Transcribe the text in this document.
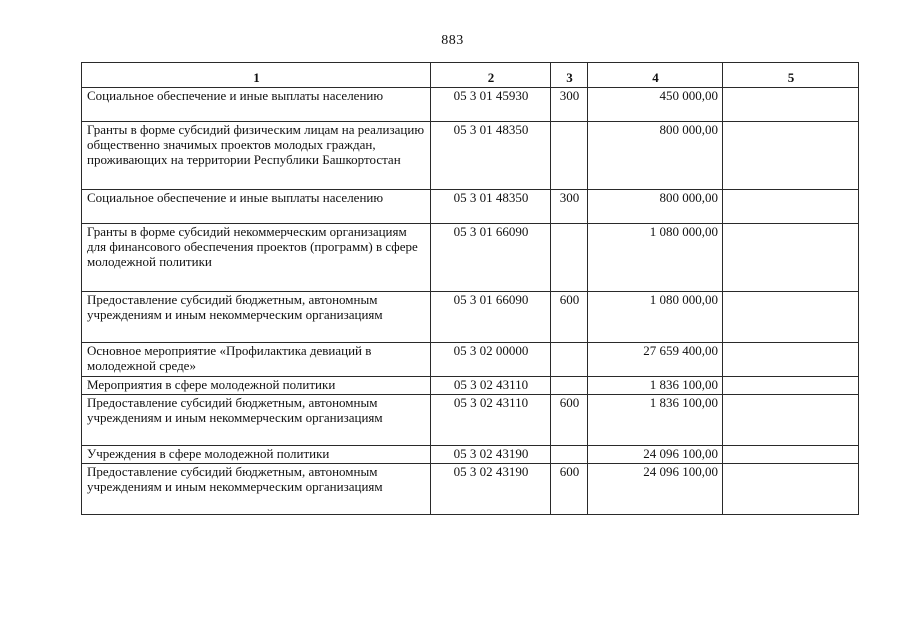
883
1	2	3	4	5
Социальное обеспечение и иные выплаты населению	05 3 01 45930	300	450 000,00	
Гранты в форме субсидий физическим лицам на реализацию общественно значимых проектов молодых граждан, проживающих на территории Республики Башкортостан	05 3 01 48350		800 000,00	
Социальное обеспечение и иные выплаты населению	05 3 01 48350	300	800 000,00	
Гранты в форме субсидий некоммерческим организациям для финансового обеспечения проектов (программ) в сфере молодежной политики	05 3 01 66090		1 080 000,00	
Предоставление субсидий бюджетным, автономным учреждениям и иным некоммерческим организациям	05 3 01 66090	600	1 080 000,00	
Основное мероприятие «Профилактика девиаций в молодежной среде»	05 3 02 00000		27 659 400,00	
Мероприятия в сфере молодежной политики	05 3 02 43110		1 836 100,00	
Предоставление субсидий бюджетным, автономным учреждениям и иным некоммерческим организациям	05 3 02 43110	600	1 836 100,00	
Учреждения в сфере молодежной политики	05 3 02 43190		24 096 100,00	
Предоставление субсидий бюджетным, автономным учреждениям и иным некоммерческим организациям	05 3 02 43190	600	24 096 100,00	
